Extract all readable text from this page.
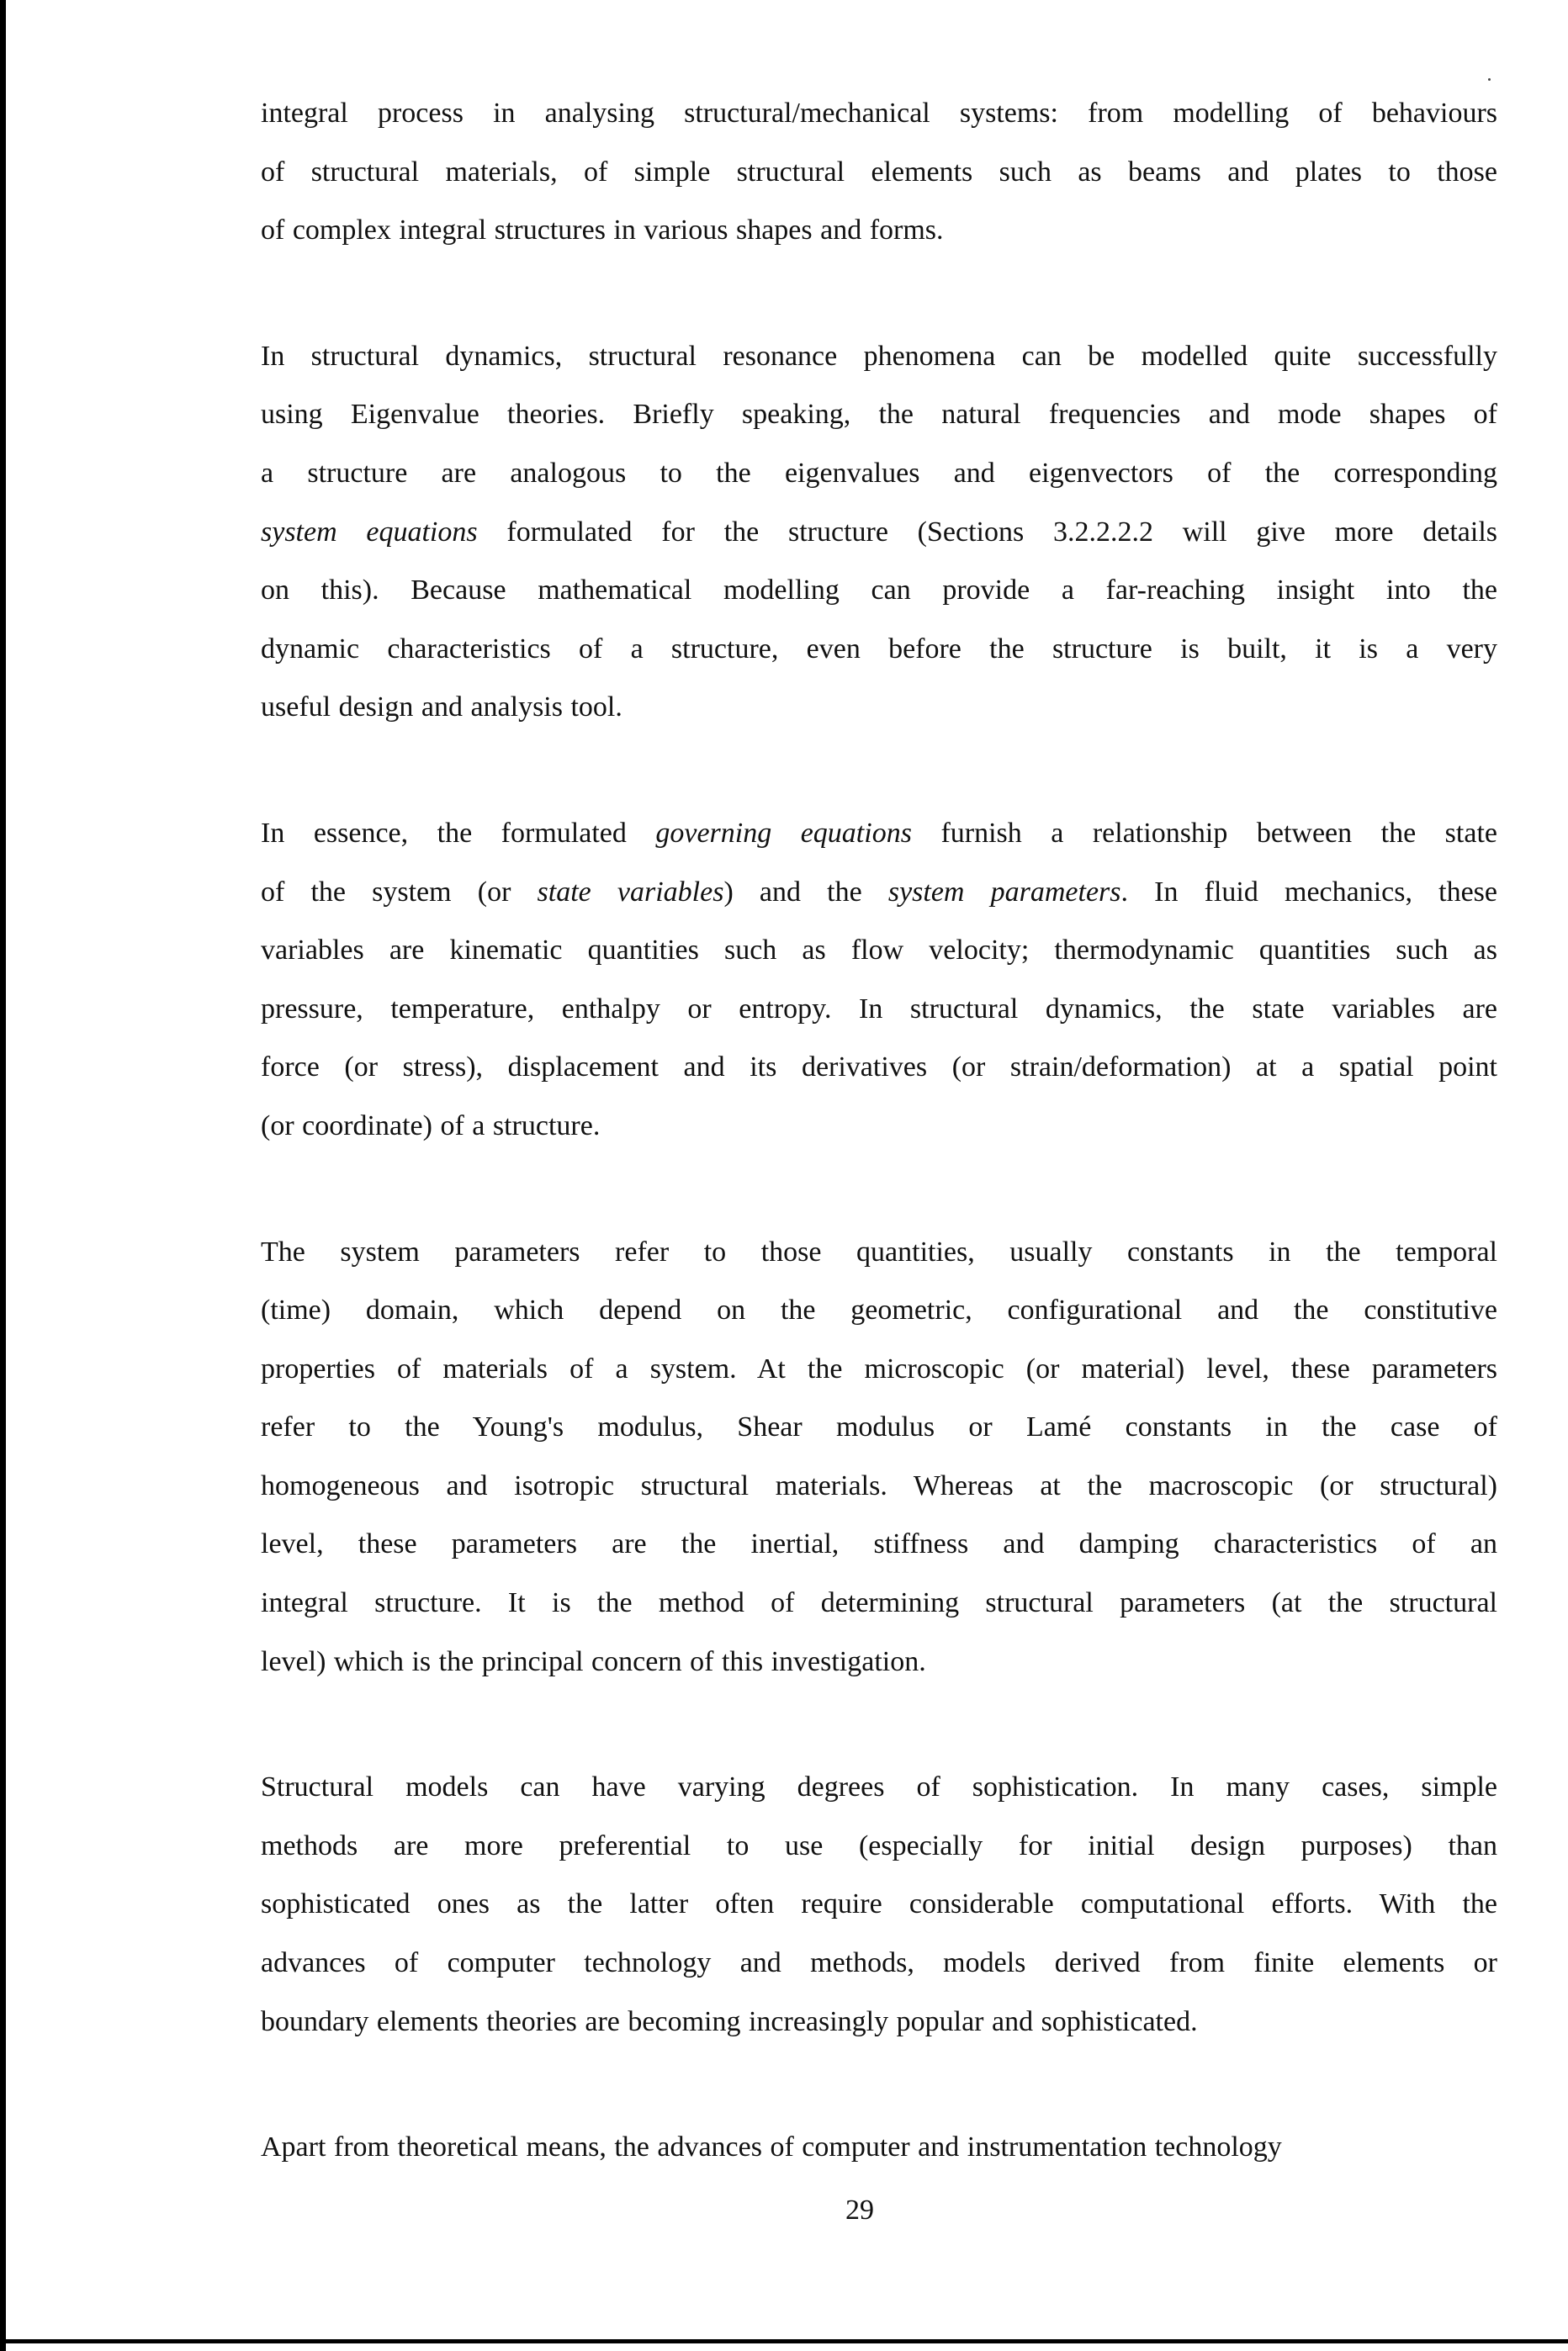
integral process in analysing structural/mechanical systems: from modelling of behaviours
of structural materials, of simple structural elements such as beams and plates to those
of complex integral structures in various shapes and forms.
In structural dynamics, structural resonance phenomena can be modelled quite successfully
using Eigenvalue theories. Briefly speaking, the natural frequencies and mode shapes of
a structure are analogous to the eigenvalues and eigenvectors of the corresponding
system equations formulated for the structure (Sections 3.2.2.2.2 will give more details
on this). Because mathematical modelling can provide a far-reaching insight into the
dynamic characteristics of a structure, even before the structure is built, it is a very
useful design and analysis tool.
In essence, the formulated governing equations furnish a relationship between the state
of the system (or state variables) and the system parameters. In fluid mechanics, these
variables are kinematic quantities such as flow velocity; thermodynamic quantities such as
pressure, temperature, enthalpy or entropy. In structural dynamics, the state variables are
force (or stress), displacement and its derivatives (or strain/deformation) at a spatial point
(or coordinate) of a structure.
The system parameters refer to those quantities, usually constants in the temporal
(time) domain, which depend on the geometric, configurational and the constitutive
properties of materials of a system. At the microscopic (or material) level, these parameters
refer to the Young's modulus, Shear modulus or Lamé constants in the case of
homogeneous and isotropic structural materials. Whereas at the macroscopic (or structural)
level, these parameters are the inertial, stiffness and damping characteristics of an
integral structure. It is the method of determining structural parameters (at the structural
level) which is the principal concern of this investigation.
Structural models can have varying degrees of sophistication. In many cases, simple
methods are more preferential to use (especially for initial design purposes) than
sophisticated ones as the latter often require considerable computational efforts. With the
advances of computer technology and methods, models derived from finite elements or
boundary elements theories are becoming increasingly popular and sophisticated.
Apart from theoretical means, the advances of computer and instrumentation technology
29
